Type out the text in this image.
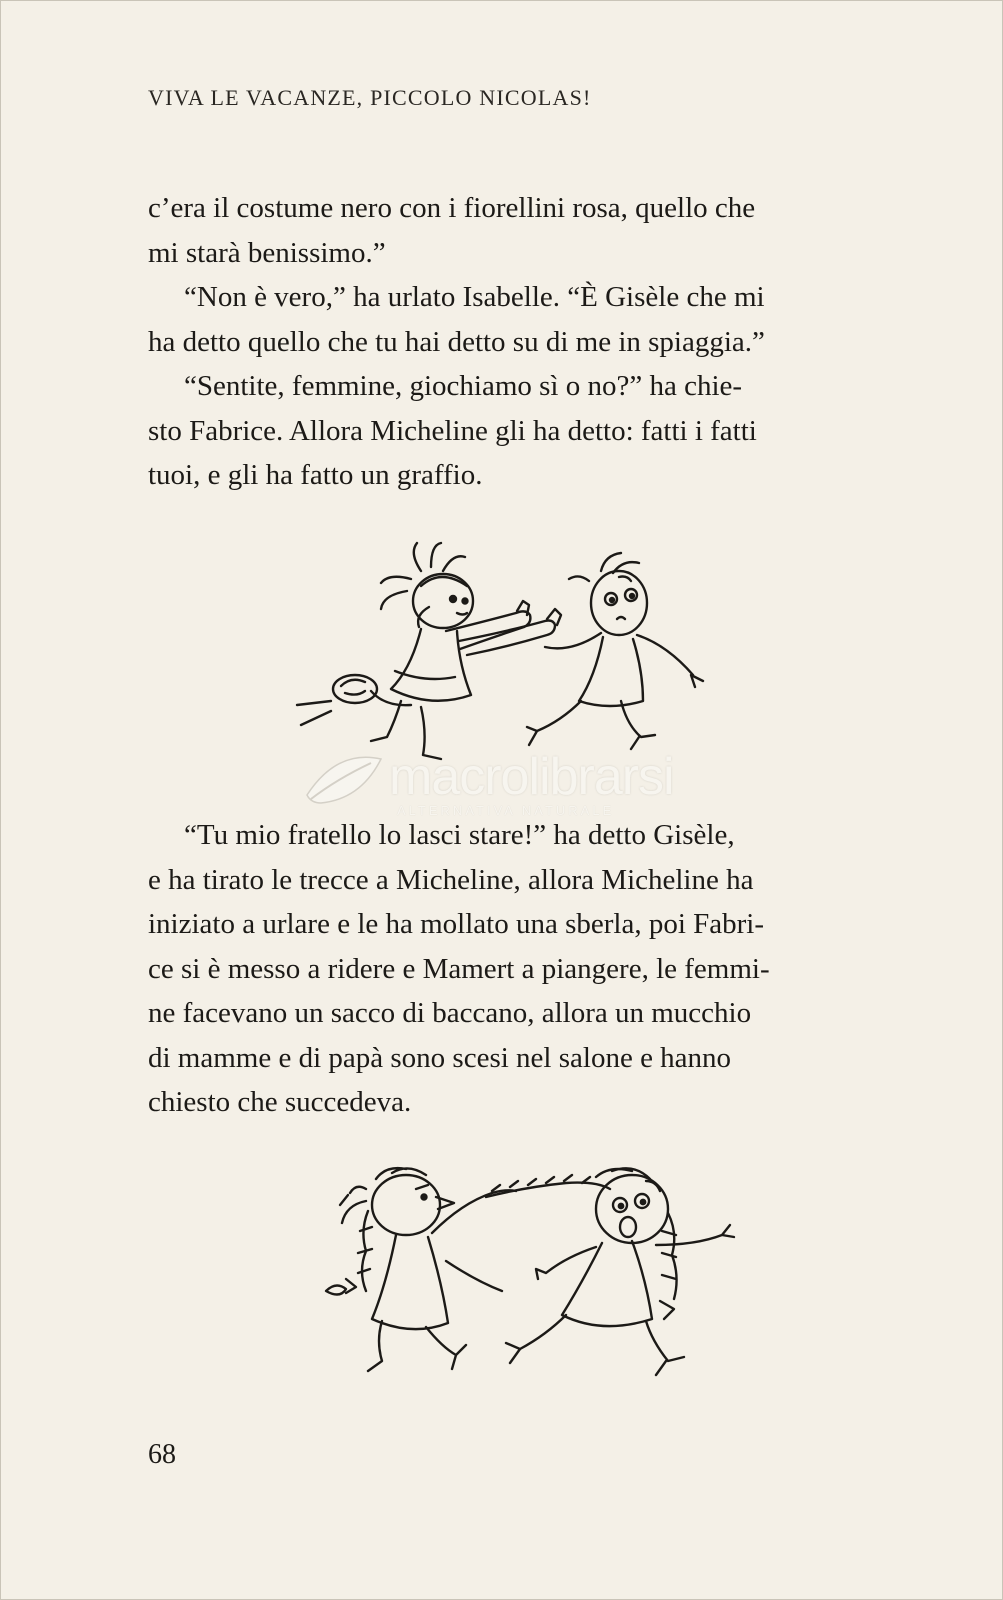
VIVA LE VACANZE, PICCOLO NICOLAS!

c’era il costume nero con i fiorellini rosa, quello che
mi starà benissimo.”
“Non è vero,” ha urlato Isabelle. “È Gisèle che mi
ha detto quello che tu hai detto su di me in spiaggia.”
“Sentite, femmine, giochiamo sì o no?” ha chie-
sto Fabrice. Allora Micheline gli ha detto: fatti i fatti
tuoi, e gli ha fatto un graffio.

macrolibrarsi
ALTERNATIVA NATURALE

“Tu mio fratello lo lasci stare!” ha detto Gisèle,
e ha tirato le trecce a Micheline, allora Micheline ha
iniziato a urlare e le ha mollato una sberla, poi Fabri-
ce si è messo a ridere e Mamert a piangere, le femmi-
ne facevano un sacco di baccano, allora un mucchio
di mamme e di papà sono scesi nel salone e hanno
chiesto che succedeva.

68
